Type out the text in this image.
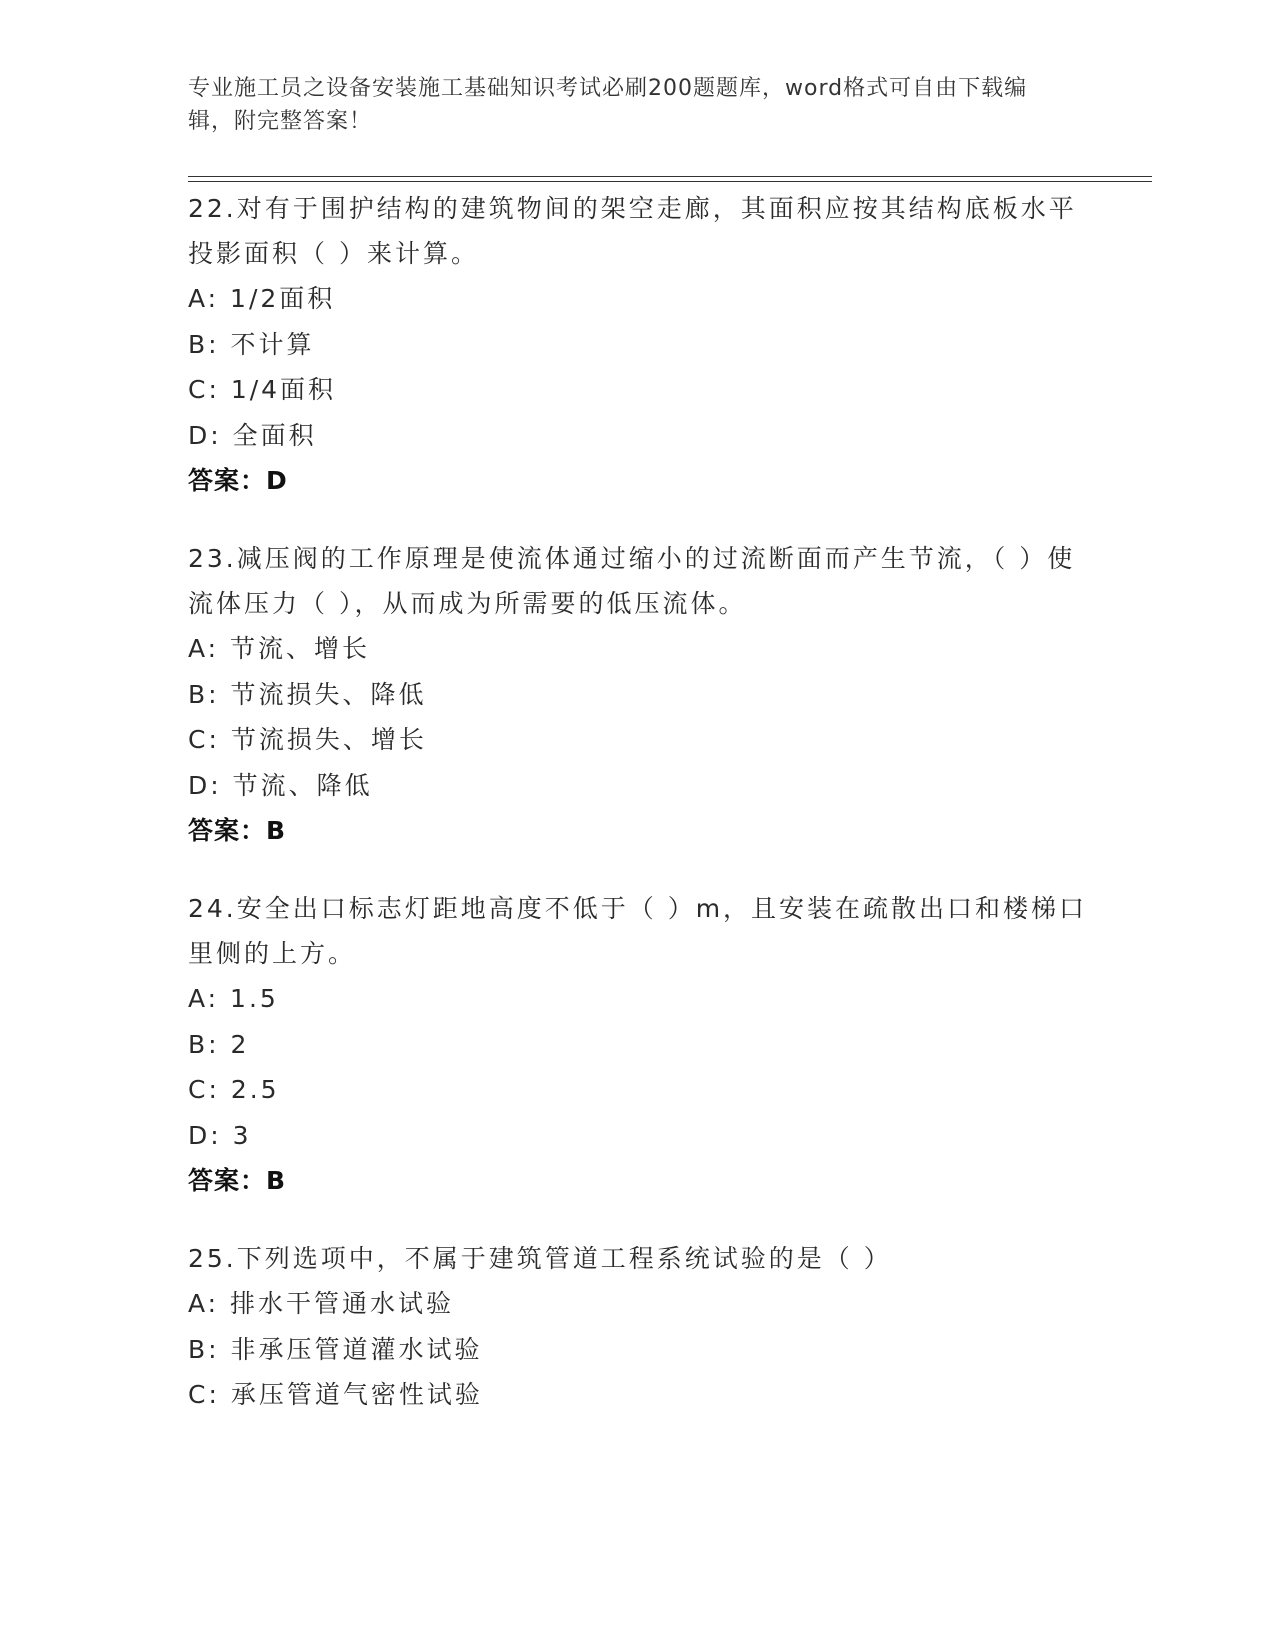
专业施工员之设备安装施工基础知识考试必刷200题题库，word格式可自由下载编辑，附完整答案！
22.对有于围护结构的建筑物间的架空走廊，其面积应按其结构底板水平投影面积（ ）来计算。
A: 1/2面积
B: 不计算
C: 1/4面积
D: 全面积
答案：D
23.减压阀的工作原理是使流体通过缩小的过流断面而产生节流，（ ）使流体压力（ ），从而成为所需要的低压流体。
A: 节流、增长
B: 节流损失、降低
C: 节流损失、增长
D: 节流、降低
答案：B
24.安全出口标志灯距地高度不低于（ ）m，且安装在疏散出口和楼梯口里侧的上方。
A: 1.5
B: 2
C: 2.5
D: 3
答案：B
25.下列选项中，不属于建筑管道工程系统试验的是（ ）
A: 排水干管通水试验
B: 非承压管道灌水试验
C: 承压管道气密性试验
